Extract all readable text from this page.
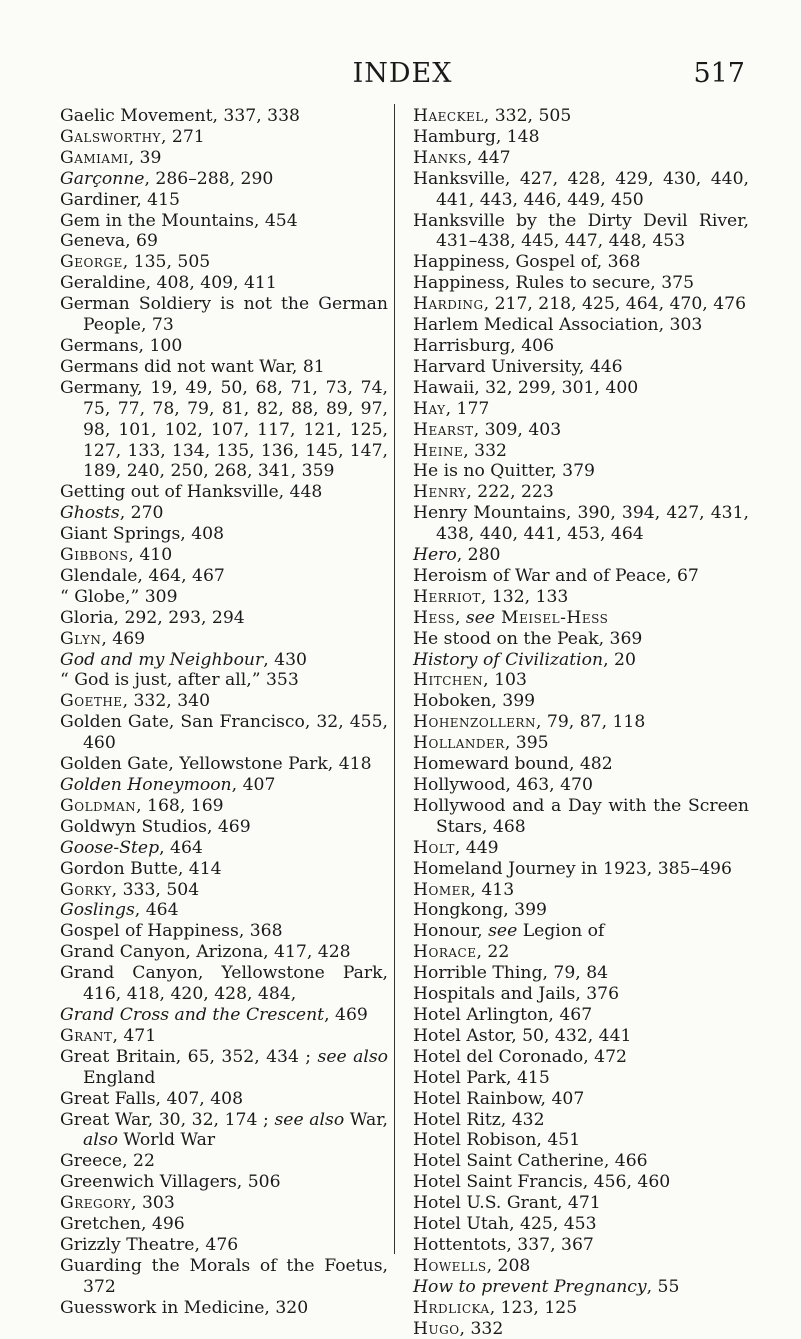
INDEX	517
Gaelic Movement, 337, 338
Galsworthy, 271
Gamiami, 39
Garçonne, 286–288, 290
Gardiner, 415
Gem in the Mountains, 454
Geneva, 69
George, 135, 505
Geraldine, 408, 409, 411
German Soldiery is not the German People, 73
Germans, 100
Germans did not want War, 81
Germany, 19, 49, 50, 68, 71, 73, 74, 75, 77, 78, 79, 81, 82, 88, 89, 97, 98, 101, 102, 107, 117, 121, 125, 127, 133, 134, 135, 136, 145, 147, 189, 240, 250, 268, 341, 359
Getting out of Hanksville, 448
Ghosts, 270
Giant Springs, 408
Gibbons, 410
Glendale, 464, 467
“ Globe,” 309
Gloria, 292, 293, 294
Glyn, 469
God and my Neighbour, 430
“ God is just, after all,” 353
Goethe, 332, 340
Golden Gate, San Francisco, 32, 455, 460
Golden Gate, Yellowstone Park, 418
Golden Honeymoon, 407
Goldman, 168, 169
Goldwyn Studios, 469
Goose-Step, 464
Gordon Butte, 414
Gorky, 333, 504
Goslings, 464
Gospel of Happiness, 368
Grand Canyon, Arizona, 417, 428
Grand Canyon, Yellowstone Park, 416, 418, 420, 428, 484,
Grand Cross and the Crescent, 469
Grant, 471
Great Britain, 65, 352, 434 ; see also England
Great Falls, 407, 408
Great War, 30, 32, 174 ; see also War, also World War
Greece, 22
Greenwich Villagers, 506
Gregory, 303
Gretchen, 496
Grizzly Theatre, 476
Guarding the Morals of the Foetus, 372
Guesswork in Medicine, 320
Haeckel, 332, 505
Hamburg, 148
Hanks, 447
Hanksville, 427, 428, 429, 430, 440, 441, 443, 446, 449, 450
Hanksville by the Dirty Devil River, 431–438, 445, 447, 448, 453
Happiness, Gospel of, 368
Happiness, Rules to secure, 375
Harding, 217, 218, 425, 464, 470, 476
Harlem Medical Association, 303
Harrisburg, 406
Harvard University, 446
Hawaii, 32, 299, 301, 400
Hay, 177
Hearst, 309, 403
Heine, 332
He is no Quitter, 379
Henry, 222, 223
Henry Mountains, 390, 394, 427, 431, 438, 440, 441, 453, 464
Hero, 280
Heroism of War and of Peace, 67
Herriot, 132, 133
Hess, see Meisel-Hess
He stood on the Peak, 369
History of Civilization, 20
Hitchen, 103
Hoboken, 399
Hohenzollern, 79, 87, 118
Hollander, 395
Homeward bound, 482
Hollywood, 463, 470
Hollywood and a Day with the Screen Stars, 468
Holt, 449
Homeland Journey in 1923, 385–496
Homer, 413
Hongkong, 399
Honour, see Legion of
Horace, 22
Horrible Thing, 79, 84
Hospitals and Jails, 376
Hotel Arlington, 467
Hotel Astor, 50, 432, 441
Hotel del Coronado, 472
Hotel Park, 415
Hotel Rainbow, 407
Hotel Ritz, 432
Hotel Robison, 451
Hotel Saint Catherine, 466
Hotel Saint Francis, 456, 460
Hotel U.S. Grant, 471
Hotel Utah, 425, 453
Hottentots, 337, 367
Howells, 208
How to prevent Pregnancy, 55
Hrdlicka, 123, 125
Hugo, 332
